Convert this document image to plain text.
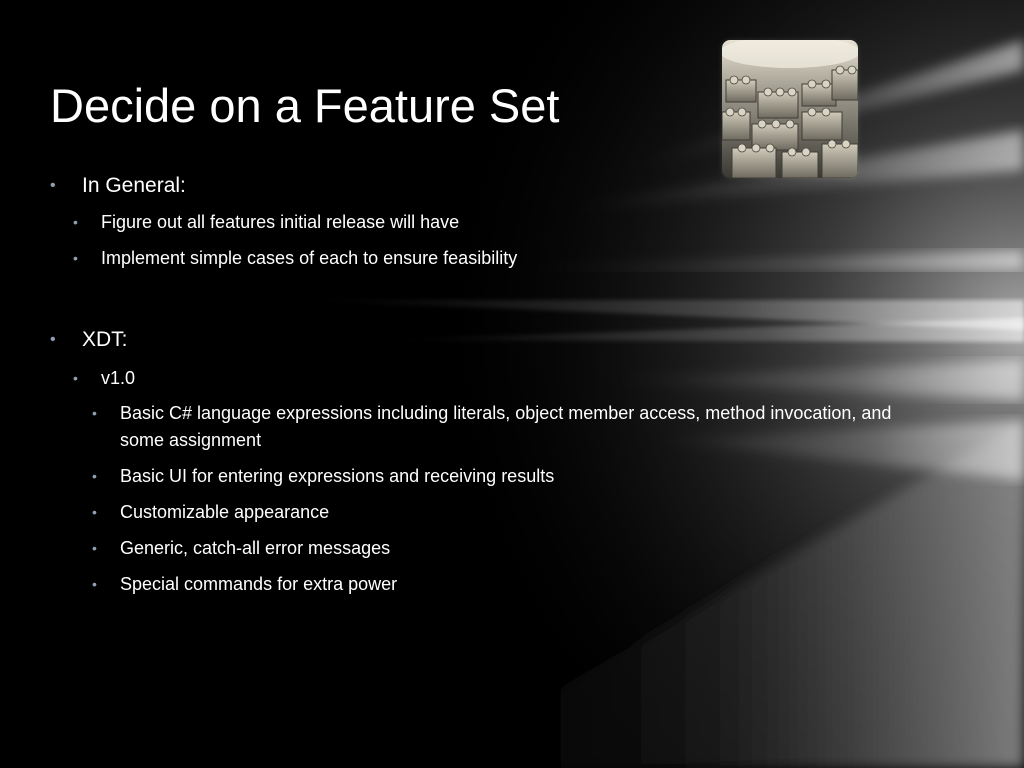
Decide on a Feature Set
• In General:
• Figure out all features initial release will have
• Implement simple cases of each to ensure feasibility
• XDT:
• v1.0
• Basic C# language expressions including literals, object member access, method invocation, and some assignment
• Basic UI for entering expressions and receiving results
• Customizable appearance
• Generic, catch-all error messages
• Special commands for extra power
